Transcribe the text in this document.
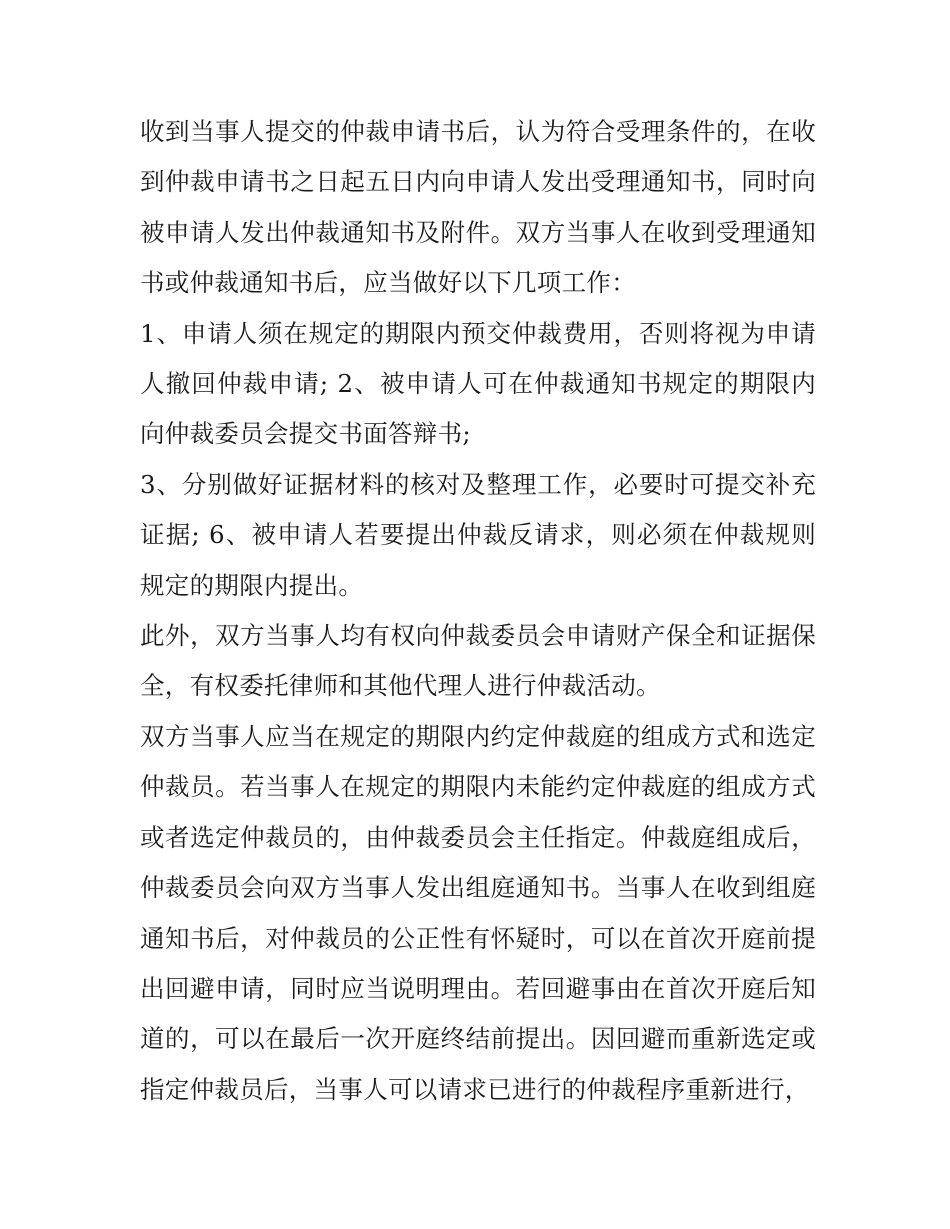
收到当事人提交的仲裁申请书后，认为符合受理条件的，在收到仲裁申请书之日起五日内向申请人发出受理通知书，同时向被申请人发出仲裁通知书及附件。双方当事人在收到受理通知书或仲裁通知书后，应当做好以下几项工作：

1、申请人须在规定的期限内预交仲裁费用，否则将视为申请人撤回仲裁申请; 2、被申请人可在仲裁通知书规定的期限内向仲裁委员会提交书面答辩书;

3、分别做好证据材料的核对及整理工作，必要时可提交补充证据; 6、被申请人若要提出仲裁反请求，则必须在仲裁规则规定的期限内提出。

此外，双方当事人均有权向仲裁委员会申请财产保全和证据保全，有权委托律师和其他代理人进行仲裁活动。

双方当事人应当在规定的期限内约定仲裁庭的组成方式和选定仲裁员。若当事人在规定的期限内未能约定仲裁庭的组成方式或者选定仲裁员的，由仲裁委员会主任指定。仲裁庭组成后，仲裁委员会向双方当事人发出组庭通知书。当事人在收到组庭通知书后，对仲裁员的公正性有怀疑时，可以在首次开庭前提出回避申请，同时应当说明理由。若回避事由在首次开庭后知道的，可以在最后一次开庭终结前提出。因回避而重新选定或指定仲裁员后，当事人可以请求已进行的仲裁程序重新进行，
